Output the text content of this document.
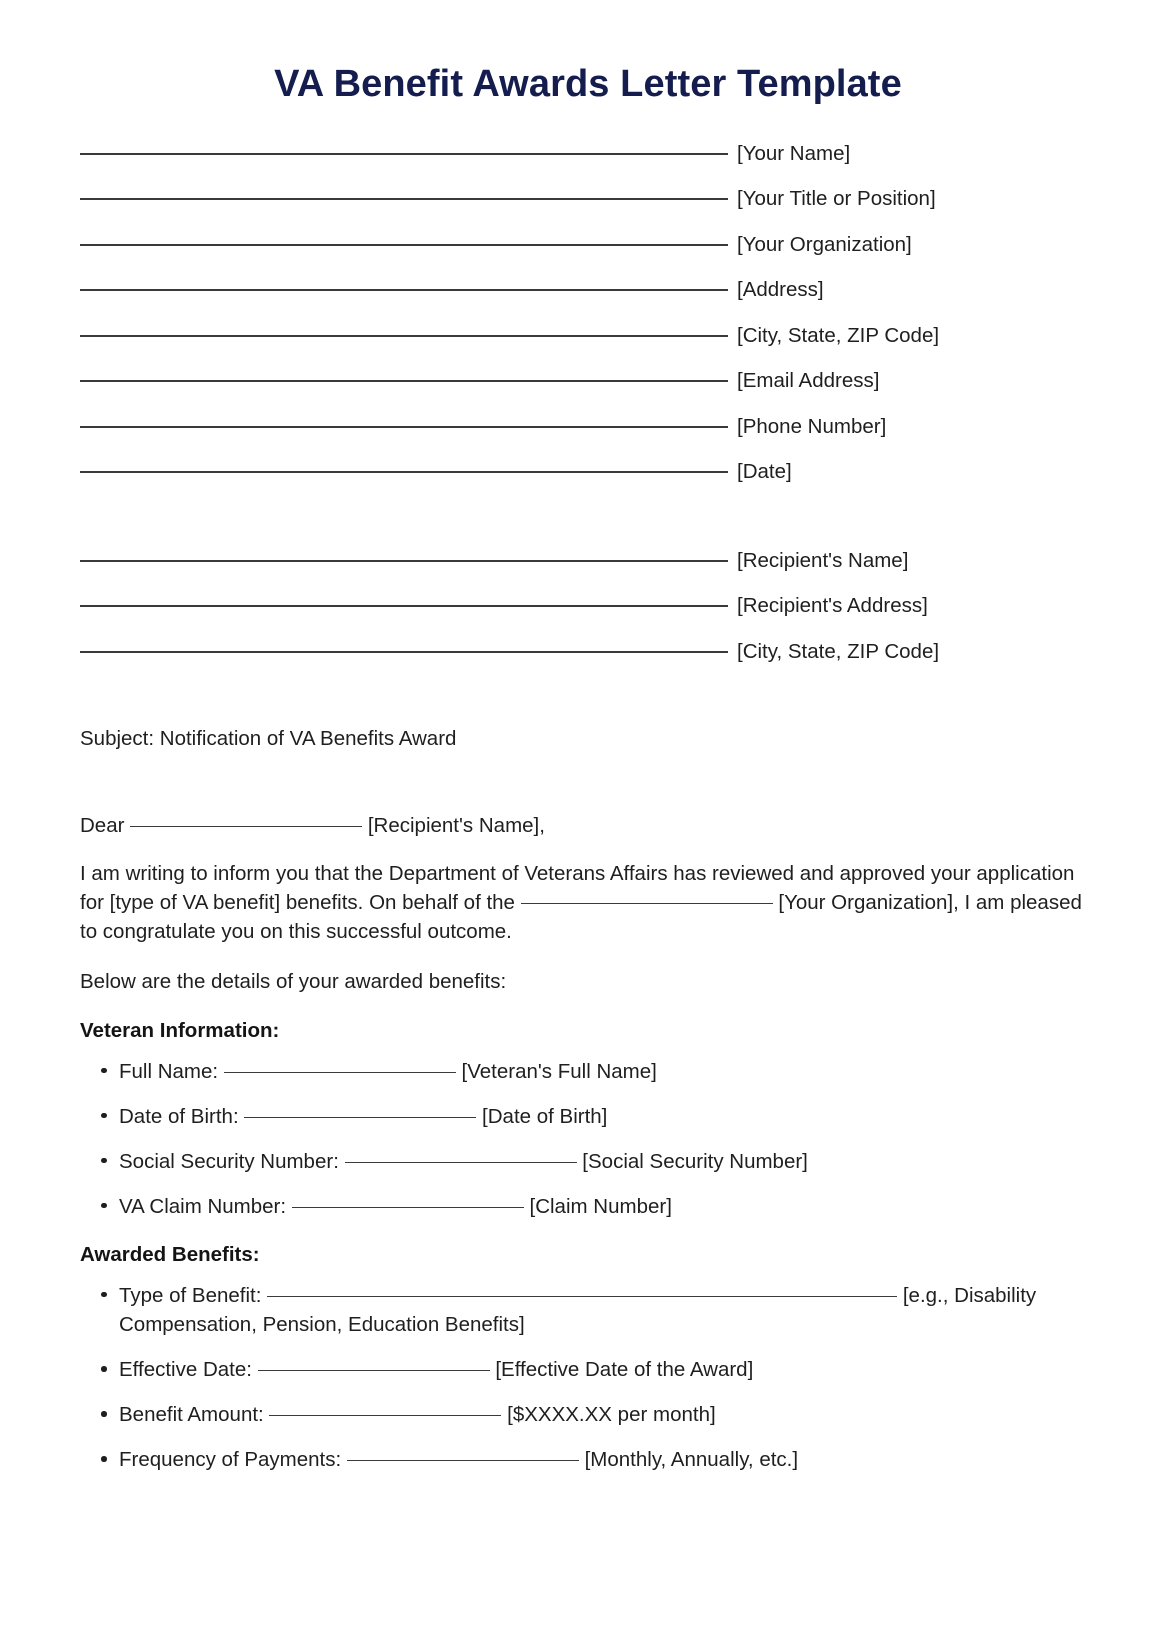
VA Benefit Awards Letter Template
[Your Name]
[Your Title or Position]
[Your Organization]
[Address]
[City, State, ZIP Code]
[Email Address]
[Phone Number]
[Date]
[Recipient's Name]
[Recipient's Address]
[City, State, ZIP Code]
Subject: Notification of VA Benefits Award
Dear	[Recipient's Name],
I am writing to inform you that the Department of Veterans Affairs has reviewed and approved your application for [type of VA benefit] benefits. On behalf of the	[Your Organization], I am pleased to congratulate you on this successful outcome.
Below are the details of your awarded benefits:
Veteran Information:
Full Name:	[Veteran's Full Name]
Date of Birth:	[Date of Birth]
Social Security Number:	[Social Security Number]
VA Claim Number:	[Claim Number]
Awarded Benefits:
Type of Benefit:	[e.g., Disability Compensation, Pension, Education Benefits]
Effective Date:	[Effective Date of the Award]
Benefit Amount:	[$XXXX.XX per month]
Frequency of Payments:	[Monthly, Annually, etc.]
